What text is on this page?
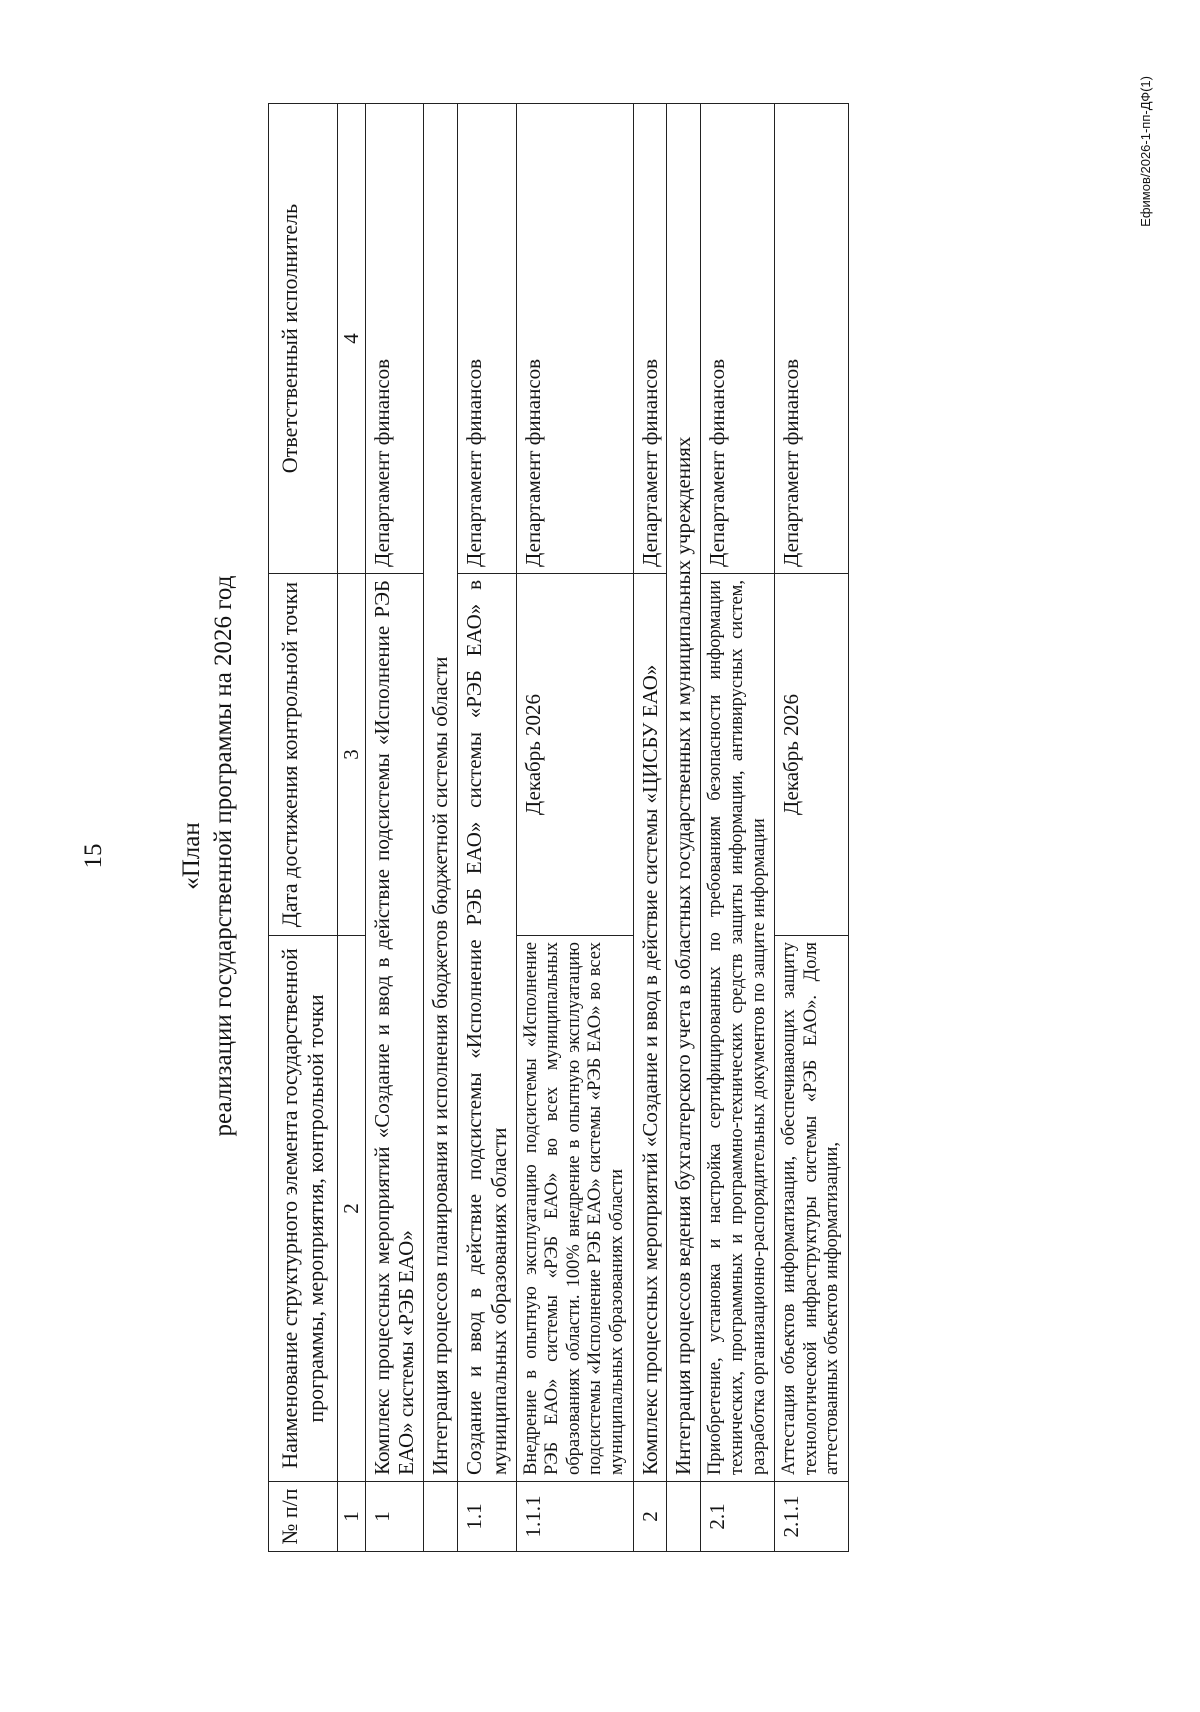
15	«План реализации государственной программы на 2026 год
№ п/п	Наименование структурного элемента государственной программы, мероприятия, контрольной точки	Дата достижения контрольной точки	Ответственный исполнитель
1	2	3	4
1	Комплекс процессных мероприятий «Создание и ввод в действие подсистемы «Исполнение РЭБ ЕАО» системы «РЭБ ЕАО»		Департамент финансов
	Интеграция процессов планирования и исполнения бюджетов бюджетной системы области		
1.1	Создание и ввод в действие подсистемы «Исполнение РЭБ ЕАО» системы «РЭБ ЕАО» в муниципальных образованиях области		Департамент финансов
1.1.1	Внедрение в опытную эксплуатацию подсистемы «Исполнение РЭБ ЕАО» системы «РЭБ ЕАО» во всех муниципальных образованиях области. 100% внедрение в опытную эксплуатацию подсистемы «Исполнение РЭБ ЕАО» системы «РЭБ ЕАО» во всех муниципальных образованиях области	Декабрь 2026	Департамент финансов
2	Комплекс процессных мероприятий «Создание и ввод в действие системы «ЦИСБУ ЕАО»		Департамент финансов
	Интеграция процессов ведения бухгалтерского учета в областных государственных и муниципальных учреждениях		
2.1	Приобретение, установка и настройка сертифицированных по требованиям безопасности информации технических, программных и программно-технических средств защиты информации, антивирусных систем, разработка организационно-распорядительных документов по защите информации		Департамент финансов
2.1.1	Аттестация объектов информатизации, обеспечивающих защиту технологической инфраструктуры системы «РЭБ ЕАО». Доля аттестованных объектов информатизации,	Декабрь 2026	Департамент финансов
Ефимов/2026-1-пп-ДФ(1)
